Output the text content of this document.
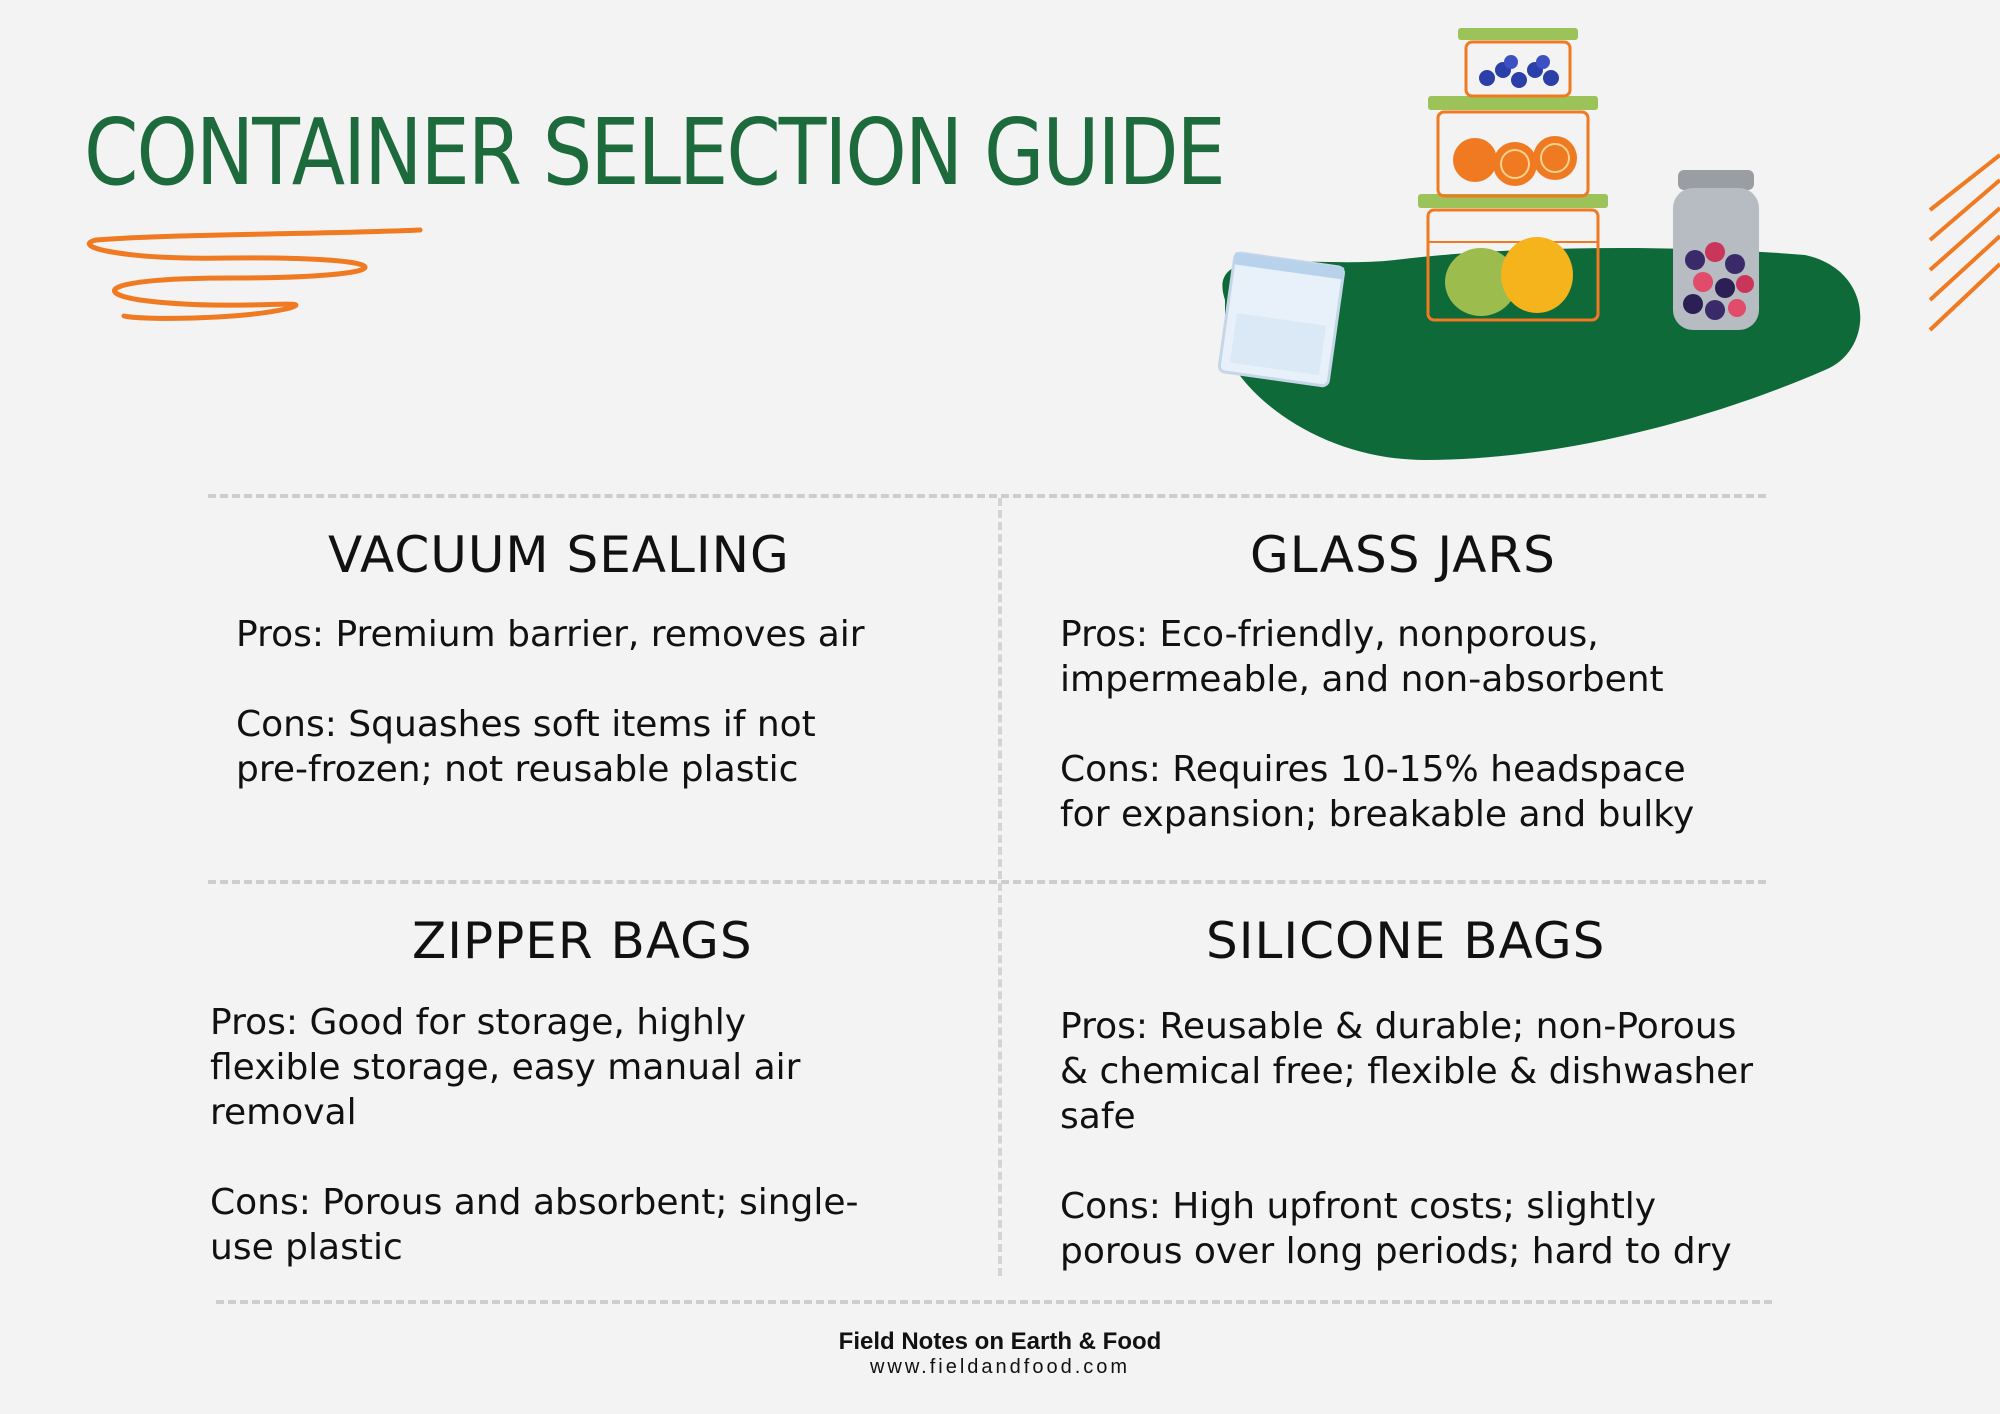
CONTAINER SELECTION GUIDE
VACUUM SEALING

Pros: Premium barrier, removes air

Cons: Squashes soft items if not

pre-frozen; not reusable plastic

GLASS JARS

Pros: Eco-friendly, nonporous,

impermeable, and non-absorbent

Cons: Requires 10-15% headspace

for expansion; breakable and bulky

ZIPPER BAGS

Pros: Good for storage, highly

flexible storage, easy manual air

removal

Cons: Porous and absorbent; single-

use plastic

SILICONE BAGS

Pros: Reusable & durable; non-Porous

& chemical free; flexible & dishwasher

safe

Cons: High upfront costs; slightly

porous over long periods; hard to dry

Field Notes on Earth & Food
www.fieldandfood.com
